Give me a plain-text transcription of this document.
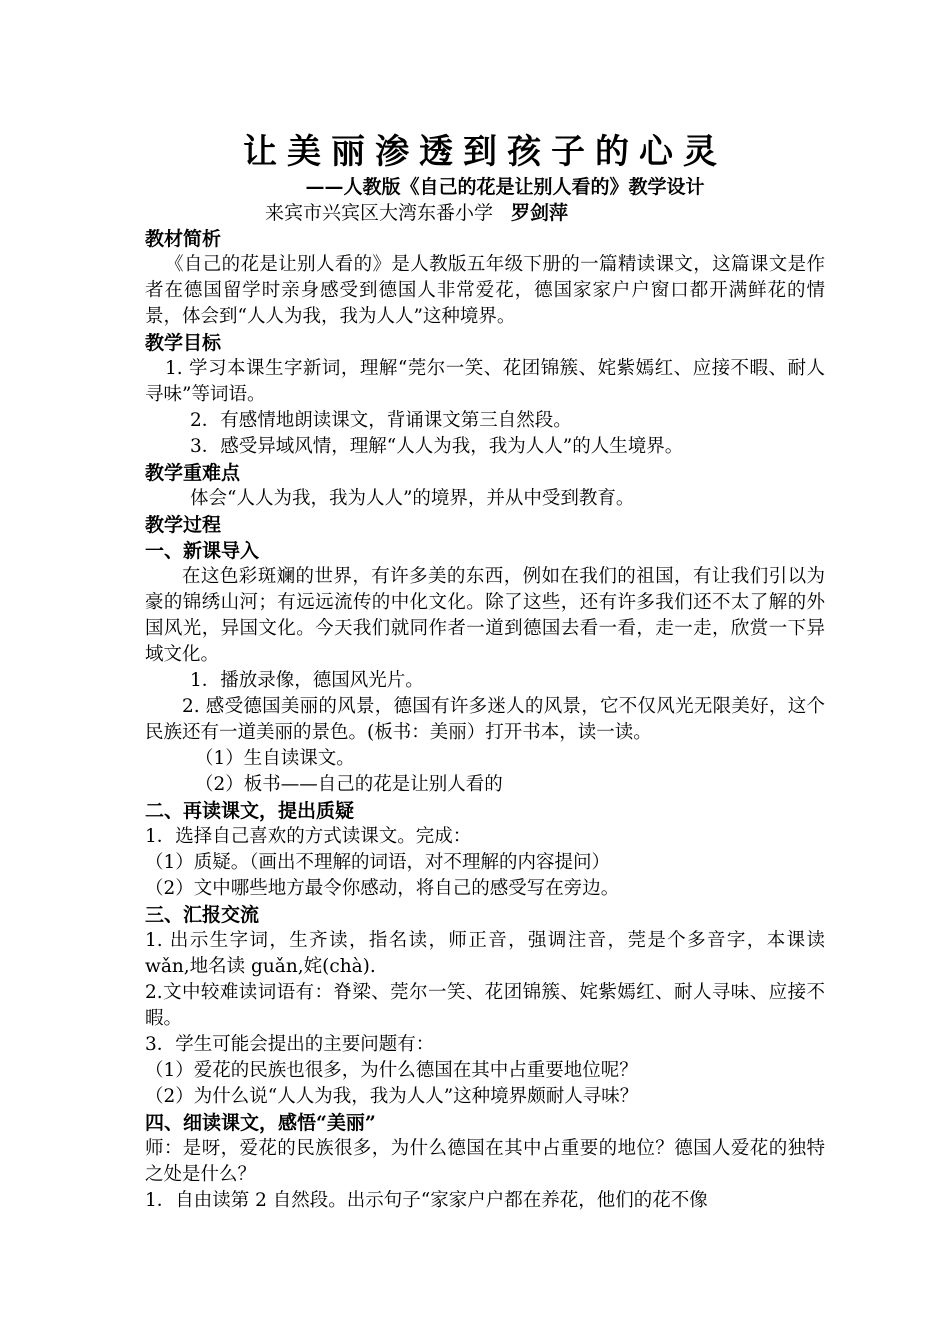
让美丽渗透到孩子的心灵
——人教版《自己的花是让别人看的》教学设计
来宾市兴宾区大湾东番小学 罗剑萍
教材简析

《自己的花是让别人看的》是人教版五年级下册的一篇精读课文，这篇课文是作者在德国留学时亲身感受到德国人非常爱花，德国家家户户窗口都开满鲜花的情景，体会到“人人为我，我为人人”这种境界。

教学目标

1. 学习本课生字新词，理解“莞尔一笑、花团锦簇、姹紫嫣红、应接不暇、耐人寻味”等词语。

2．有感情地朗读课文，背诵课文第三自然段。

3．感受异域风情，理解“人人为我，我为人人”的人生境界。

教学重难点

体会“人人为我，我为人人”的境界，并从中受到教育。

教学过程
一、新课导入

在这色彩斑斓的世界，有许多美的东西，例如在我们的祖国，有让我们引以为豪的锦绣山河；有远远流传的中化文化。除了这些，还有许多我们还不太了解的外国风光，异国文化。今天我们就同作者一道到德国去看一看，走一走，欣赏一下异域文化。

1．播放录像，德国风光片。

2. 感受德国美丽的风景，德国有许多迷人的风景，它不仅风光无限美好，这个民族还有一道美丽的景色。(板书：美丽）打开书本，读一读。

（1）生自读课文。

（2）板书——自己的花是让别人看的

二、再读课文，提出质疑

1．选择自己喜欢的方式读课文。完成：

（1）质疑。（画出不理解的词语，对不理解的内容提问）

（2）文中哪些地方最令你感动，将自己的感受写在旁边。

三、汇报交流

1. 出示生字词，生齐读，指名读，师正音，强调注音，莞是个多音字，本课读 wǎn,地名读 guǎn,姹(chà).

2.文中较难读词语有：脊梁、莞尔一笑、花团锦簇、姹紫嫣红、耐人寻味、应接不暇。

3．学生可能会提出的主要问题有：

（1）爱花的民族也很多，为什么德国在其中占重要地位呢？

（2）为什么说“人人为我，我为人人”这种境界颇耐人寻味？

四、细读课文，感悟“美丽”

师：是呀，爱花的民族很多，为什么德国在其中占重要的地位？德国人爱花的独特之处是什么？

1．自由读第 2 自然段。出示句子“家家户户都在养花，他们的花不像
